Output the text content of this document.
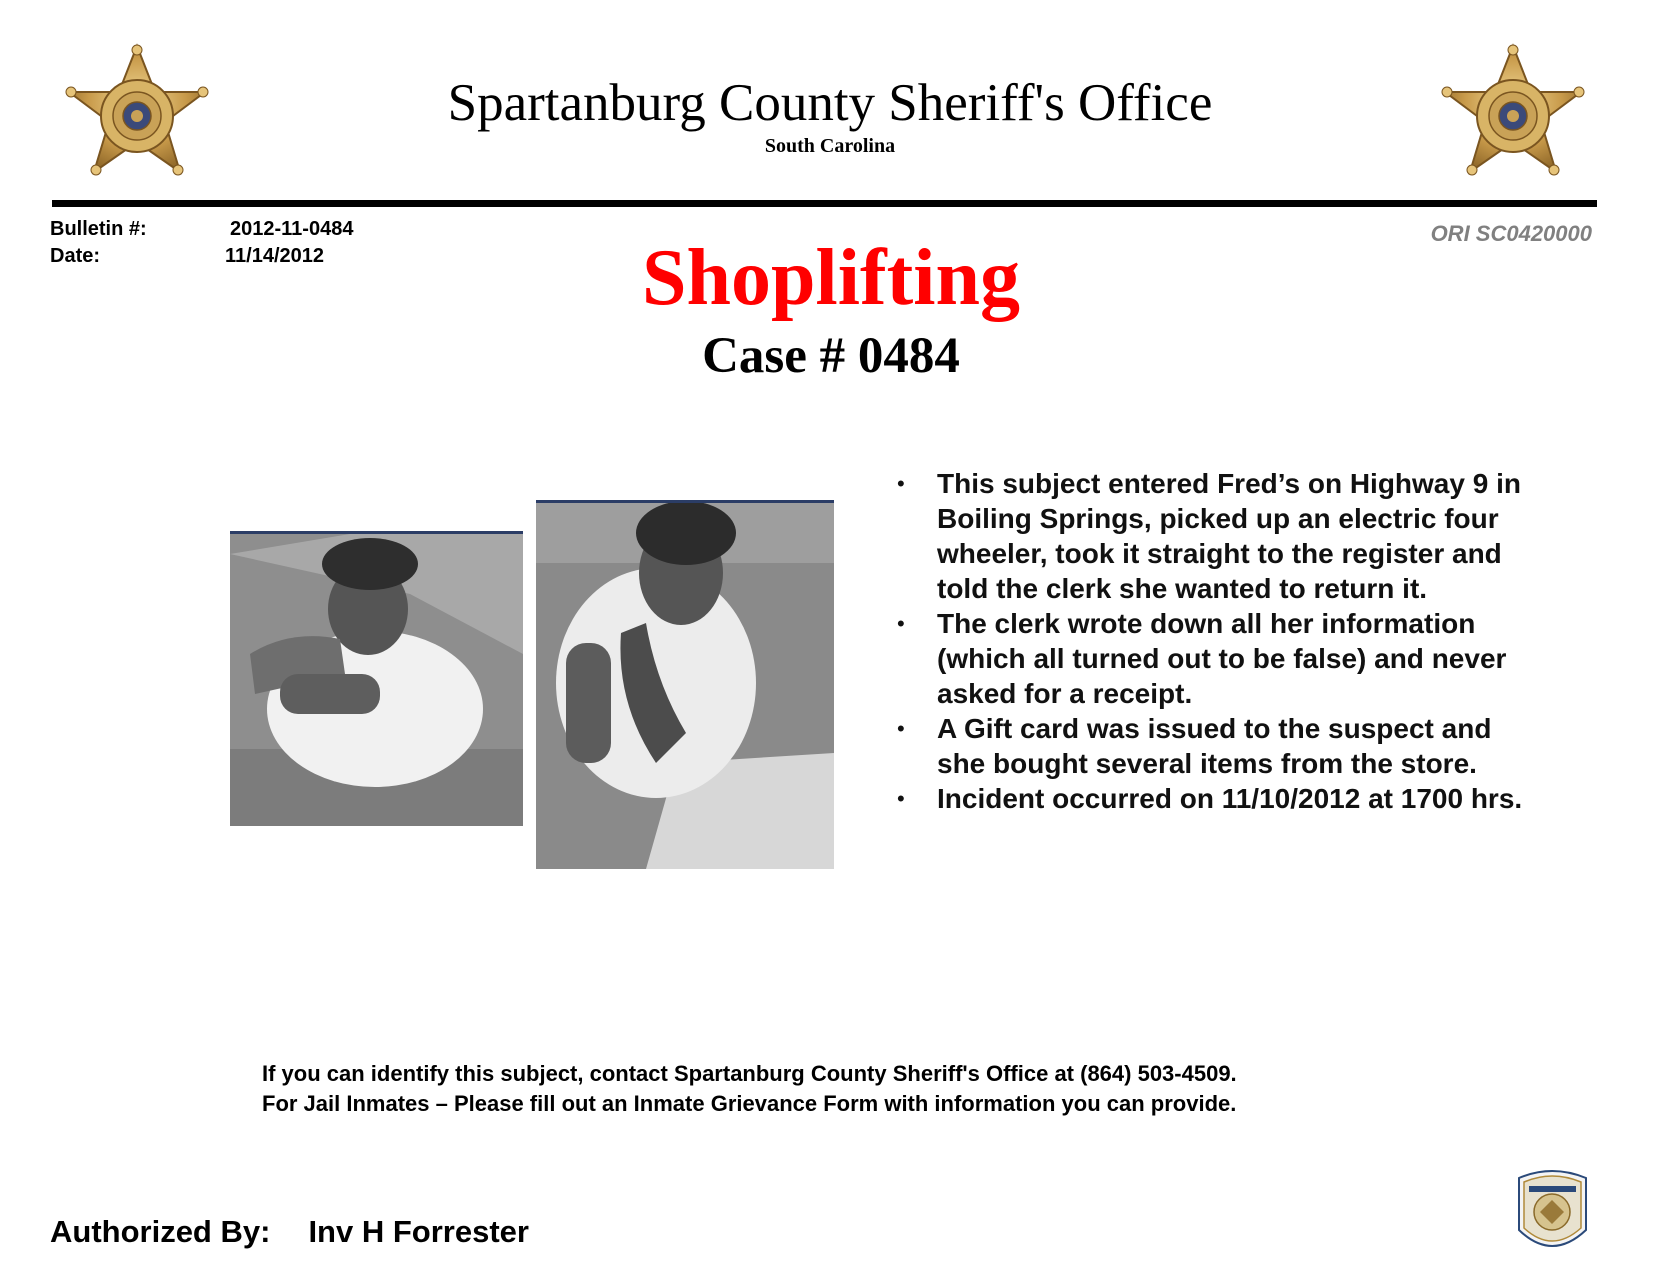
Spartanburg County Sheriff's Office
South Carolina
Bulletin #:	2012-11-0484
Date:	11/14/2012
ORI SC0420000
Shoplifting
Case # 0484
• This subject entered Fred’s on Highway 9 in Boiling Springs, picked up an electric four wheeler, took it straight to the register and told the clerk she wanted to return it.
• The clerk wrote down all her information (which all turned out to be false) and never asked for a receipt.
• A Gift card was issued to the suspect and she bought several items from the store.
• Incident occurred on 11/10/2012 at 1700 hrs.
If you can identify this subject, contact Spartanburg County Sheriff's Office at (864) 503-4509.
For Jail Inmates – Please fill out an Inmate Grievance Form with information you can provide.
Authorized By: Inv H Forrester
